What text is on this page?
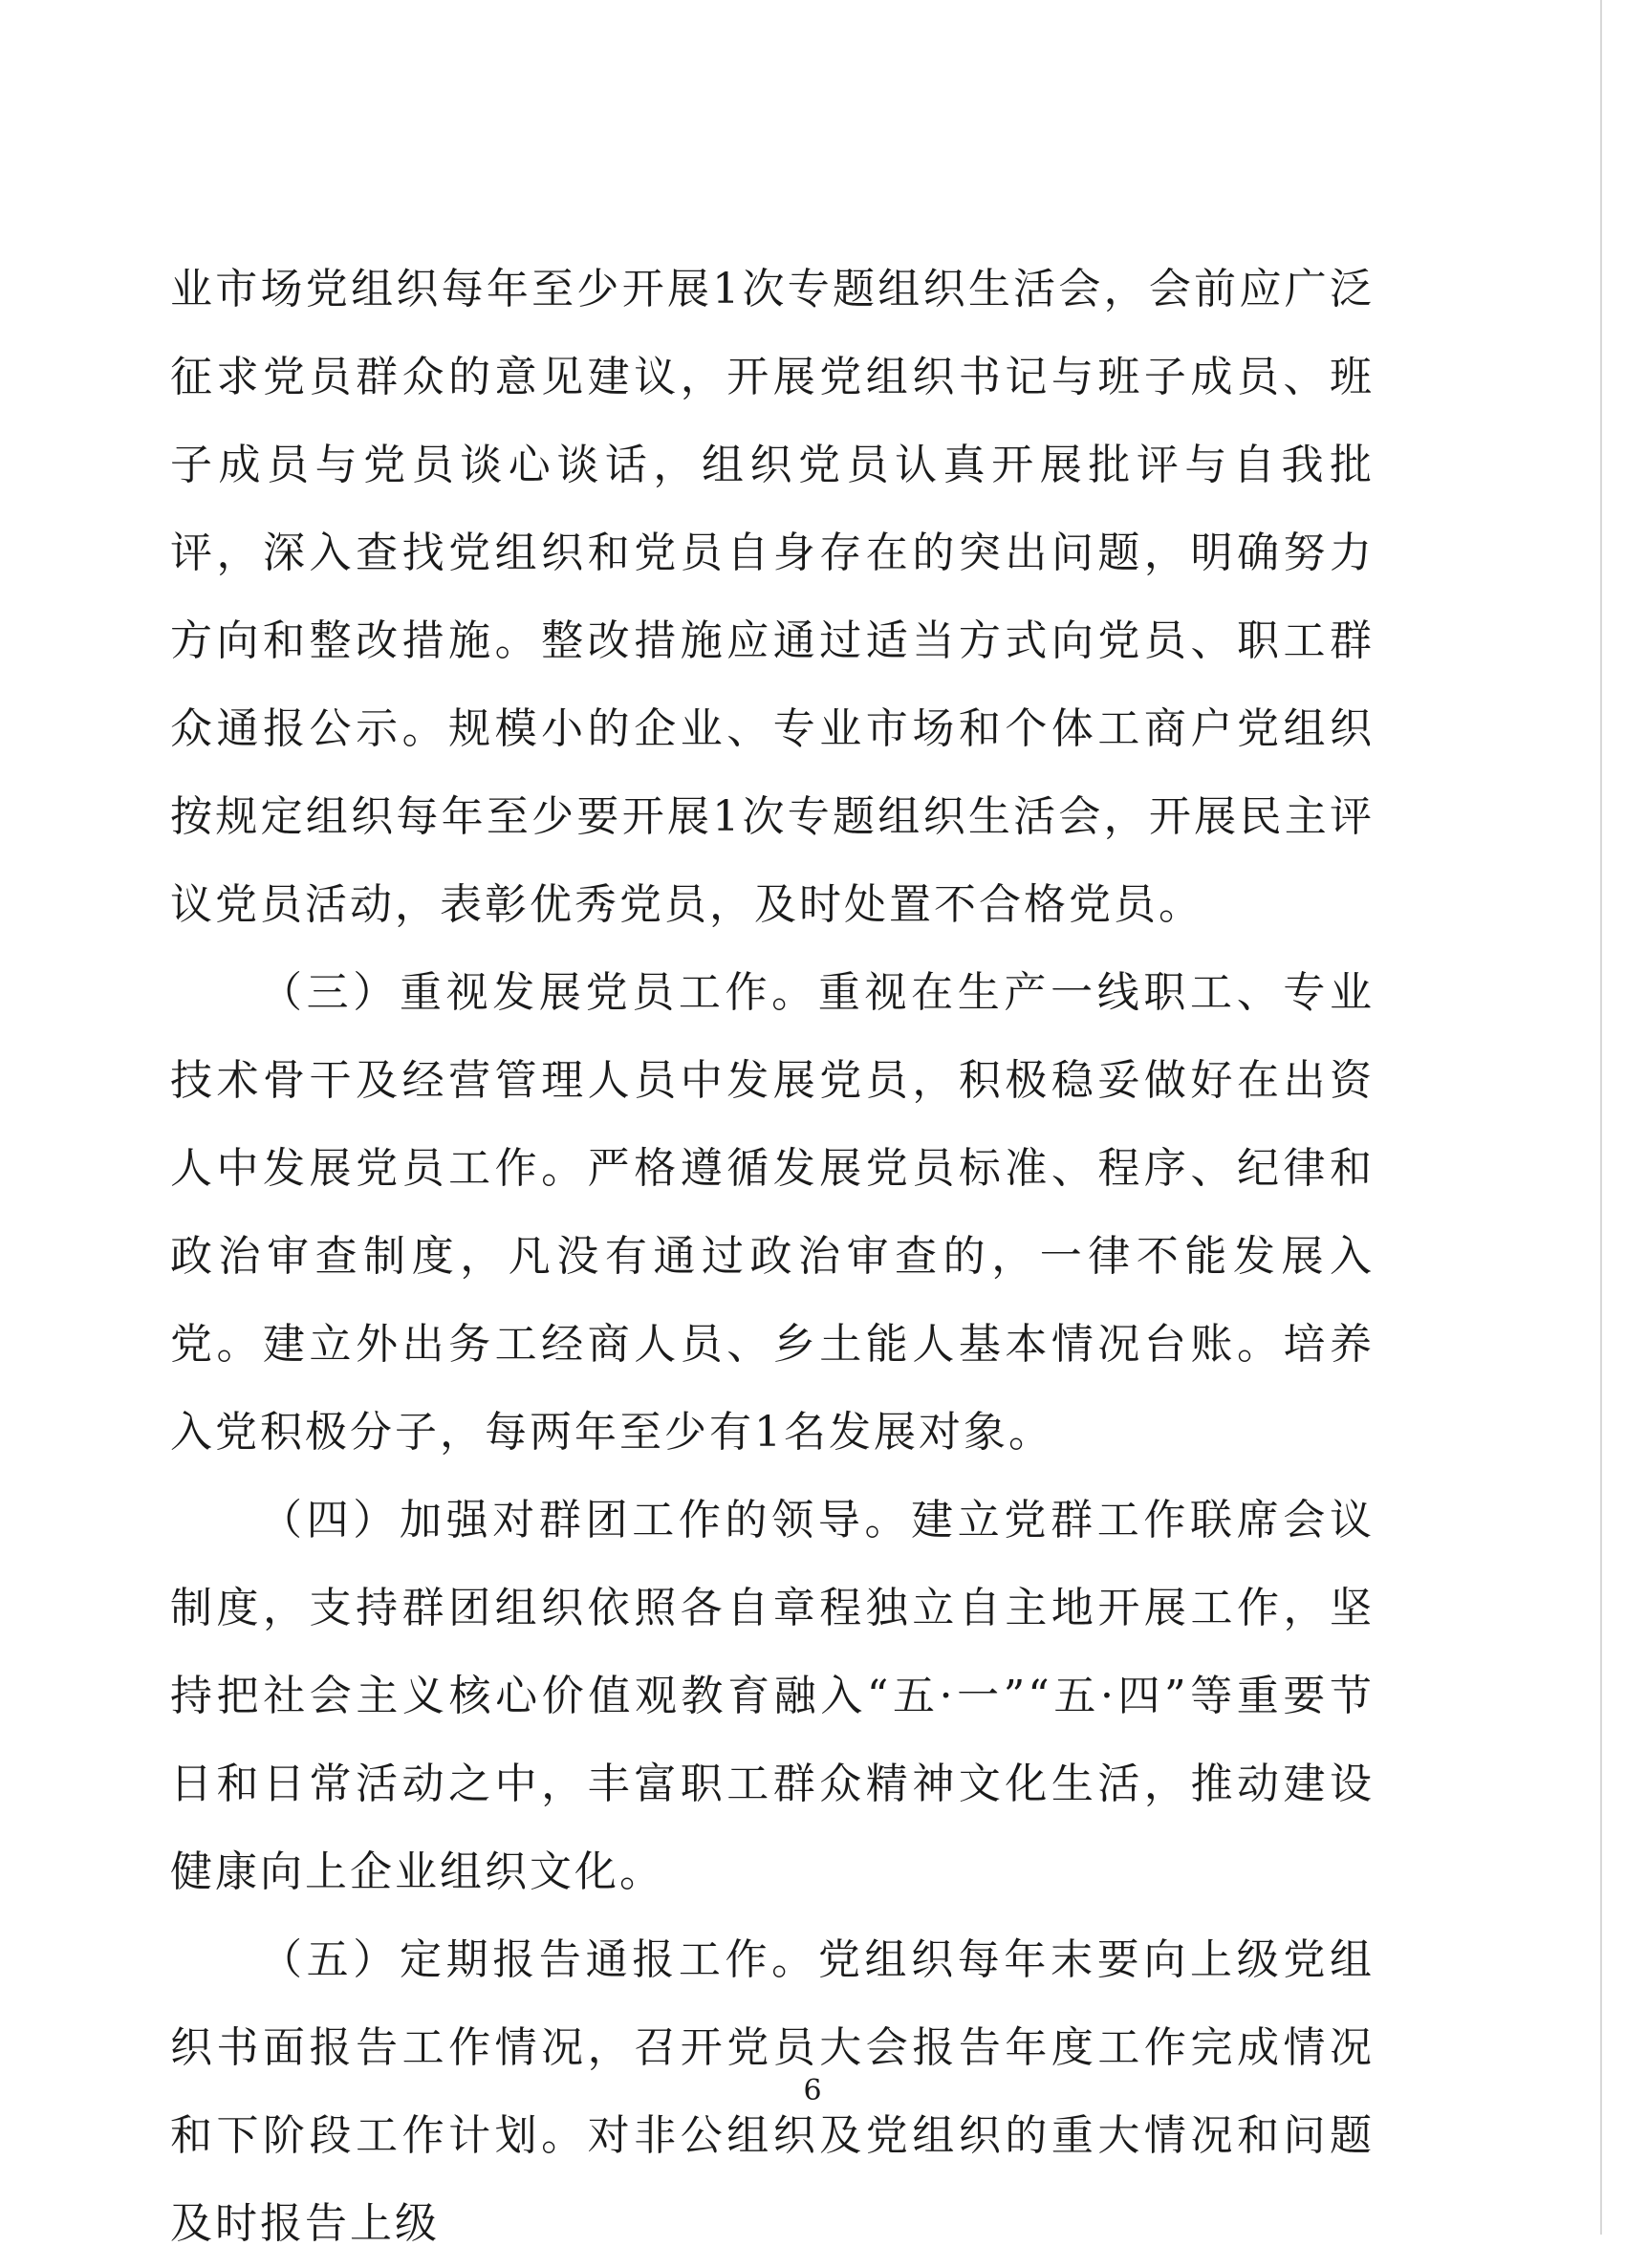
业市场党组织每年至少开展1次专题组织生活会，会前应广泛征求党员群众的意见建议，开展党组织书记与班子成员、班子成员与党员谈心谈话，组织党员认真开展批评与自我批评，深入查找党组织和党员自身存在的突出问题，明确努力方向和整改措施。整改措施应通过适当方式向党员、职工群众通报公示。规模小的企业、专业市场和个体工商户党组织按规定组织每年至少要开展1次专题组织生活会，开展民主评议党员活动，表彰优秀党员，及时处置不合格党员。

（三）重视发展党员工作。重视在生产一线职工、专业技术骨干及经营管理人员中发展党员，积极稳妥做好在出资人中发展党员工作。严格遵循发展党员标准、程序、纪律和政治审查制度，凡没有通过政治审查的，一律不能发展入党。建立外出务工经商人员、乡土能人基本情况台账。培养入党积极分子，每两年至少有1名发展对象。

（四）加强对群团工作的领导。建立党群工作联席会议制度，支持群团组织依照各自章程独立自主地开展工作，坚持把社会主义核心价值观教育融入“五·一”“五·四”等重要节日和日常活动之中，丰富职工群众精神文化生活，推动建设健康向上企业组织文化。

（五）定期报告通报工作。党组织每年末要向上级党组织书面报告工作情况，召开党员大会报告年度工作完成情况和下阶段工作计划。对非公组织及党组织的重大情况和问题及时报告上级

6
